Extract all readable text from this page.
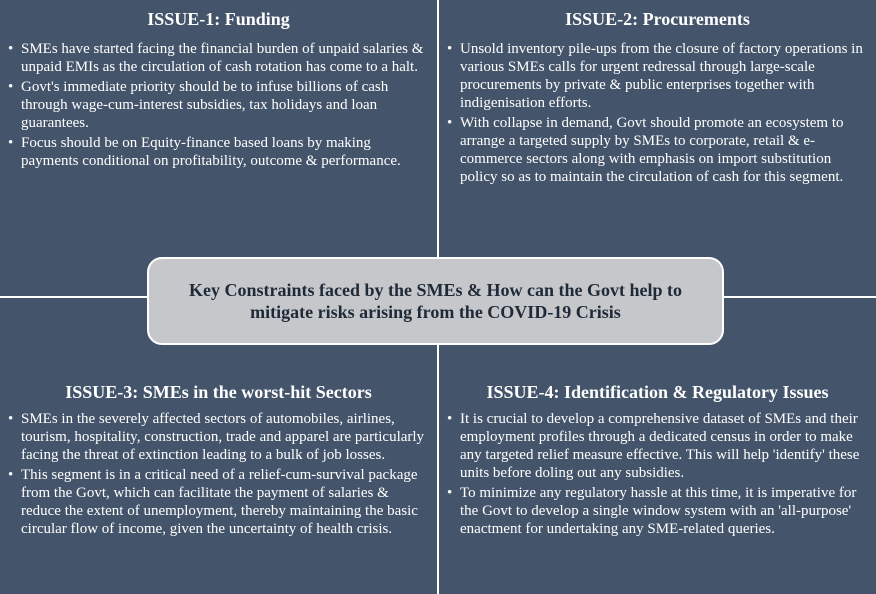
ISSUE-1: Funding
• SMEs have started facing the financial burden of unpaid salaries & unpaid EMIs as the circulation of cash rotation has come to a halt.
• Govt's immediate priority should be to infuse billions of cash through wage-cum-interest subsidies, tax holidays and loan guarantees.
• Focus should be on Equity-finance based loans by making payments conditional on profitability, outcome & performance.
ISSUE-2: Procurements
• Unsold inventory pile-ups from the closure of factory operations in various SMEs calls for urgent redressal through large-scale procurements by private & public enterprises together with indigenisation efforts.
• With collapse in demand, Govt should promote an ecosystem to arrange a targeted supply by SMEs to corporate, retail & e-commerce sectors along with emphasis on import substitution policy so as to maintain the circulation of cash for this segment.
ISSUE-3: SMEs in the worst-hit Sectors
• SMEs in the severely affected sectors of automobiles, airlines, tourism, hospitality, construction, trade and apparel are particularly facing the threat of extinction leading to a bulk of job losses.
• This segment is in a critical need of a relief-cum-survival package from the Govt, which can facilitate the payment of salaries & reduce the extent of unemployment, thereby maintaining the basic circular flow of income, given the uncertainty of health crisis.
ISSUE-4: Identification & Regulatory Issues
• It is crucial to develop a comprehensive dataset of SMEs and their employment profiles through a dedicated census in order to make any targeted relief measure effective. This will help 'identify' these units before doling out any subsidies.
• To minimize any regulatory hassle at this time, it is imperative for the Govt to develop a single window system with an 'all-purpose' enactment for undertaking any SME-related queries.
Key Constraints faced by the SMEs & How can the Govt help to mitigate risks arising from the COVID-19 Crisis
